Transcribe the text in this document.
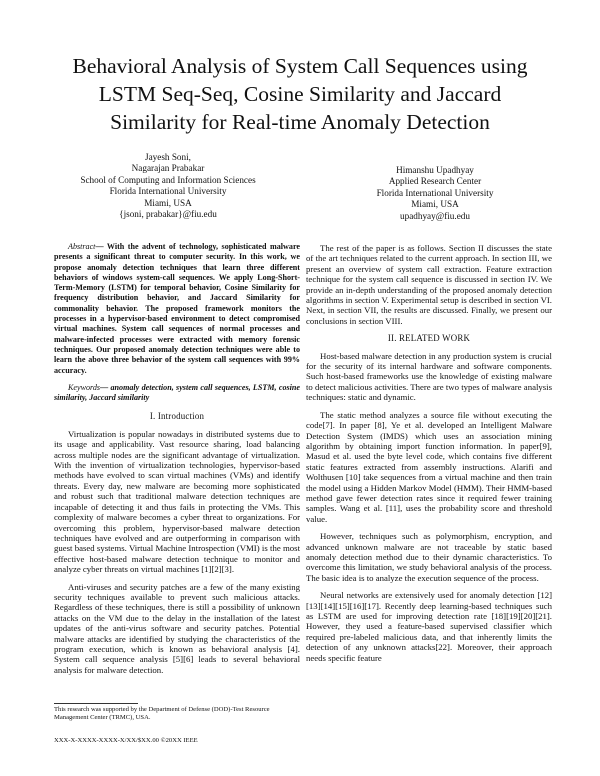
Behavioral Analysis of System Call Sequences using
LSTM Seq-Seq, Cosine Similarity and Jaccard
Similarity for Real-time Anomaly Detection
Jayesh Soni,
Nagarajan Prabakar
School of Computing and Information Sciences
Florida International University
Miami, USA
{jsoni, prabakar}@fiu.edu
Himanshu Upadhyay
Applied Research Center
Florida International University
Miami, USA
upadhyay@fiu.edu

Abstract— With the advent of technology, sophisticated malware presents a significant threat to computer security. In this work, we propose anomaly detection techniques that learn three different behaviors of windows system-call sequences. We apply Long-Short-Term-Memory (LSTM) for temporal behavior, Cosine Similarity for frequency distribution behavior, and Jaccard Similarity for commonality behavior. The proposed framework monitors the processes in a hypervisor-based environment to detect compromised virtual machines. System call sequences of normal processes and malware-infected processes were extracted with memory forensic techniques. Our proposed anomaly detection techniques were able to learn the above three behavior of the system call sequences with 99% accuracy.

Keywords— anomaly detection, system call sequences, LSTM, cosine similarity, Jaccard similarity

I. Introduction

Virtualization is popular nowadays in distributed systems due to its usage and applicability. Vast resource sharing, load balancing across multiple nodes are the significant advantage of virtualization. With the invention of virtualization technologies, hypervisor-based methods have evolved to scan virtual machines (VMs) and identify threats. Every day, new malware are becoming more sophisticated and robust such that traditional malware detection techniques are incapable of detecting it and thus fails in protecting the VMs. This complexity of malware becomes a cyber threat to organizations. For overcoming this problem, hypervisor-based malware detection techniques have evolved and are outperforming in comparison with guest based systems. Virtual Machine Introspection (VMI) is the most effective host-based malware detection technique to monitor and analyze cyber threats on virtual machines [1][2][3].

Anti-viruses and security patches are a few of the many existing security techniques available to prevent such malicious attacks. Regardless of these techniques, there is still a possibility of unknown attacks on the VM due to the delay in the installation of the latest updates of the anti-virus software and security patches. Potential malware attacks are identified by studying the characteristics of the program execution, which is known as behavioral analysis [4]. System call sequence analysis [5][6] leads to several behavioral analysis for malware detection.

The rest of the paper is as follows. Section II discusses the state of the art techniques related to the current approach. In section III, we present an overview of system call extraction. Feature extraction technique for the system call sequence is discussed in section IV. We provide an in-depth understanding of the proposed anomaly detection algorithms in section V. Experimental setup is described in section VI. Next, in section VII, the results are discussed. Finally, we present our conclusions in section VIII.

II. RELATED WORK

Host-based malware detection in any production system is crucial for the security of its internal hardware and software components. Such host-based frameworks use the knowledge of existing malware to detect malicious activities. There are two types of malware analysis techniques: static and dynamic.

The static method analyzes a source file without executing the code[7]. In paper [8], Ye et al. developed an Intelligent Malware Detection System (IMDS) which uses an association mining algorithm by obtaining import function information. In paper[9], Masud et al. used the byte level code, which contains five different static features extracted from assembly instructions. Alarifi and Wolthusen [10] take sequences from a virtual machine and then train the model using a Hidden Markov Model (HMM). Their HMM-based method gave fewer detection rates since it required fewer training samples. Wang et al. [11], uses the probability score and threshold value.

However, techniques such as polymorphism, encryption, and advanced unknown malware are not traceable by static based anomaly detection method due to their dynamic characteristics. To overcome this limitation, we study behavioral analysis of the process. The basic idea is to analyze the execution sequence of the process.

Neural networks are extensively used for anomaly detection [12][13][14][15][16][17]. Recently deep learning-based techniques such as LSTM are used for improving detection rate [18][19][20][21]. However, they used a feature-based supervised classifier which required pre-labeled malicious data, and that inherently limits the detection of any unknown attacks[22]. Moreover, their approach needs specific feature

This research was supported by the Department of Defense (DOD)-Test Resource Management Center (TRMC), USA.
XXX-X-XXXX-XXXX-X/XX/$XX.00 ©20XX IEEE
